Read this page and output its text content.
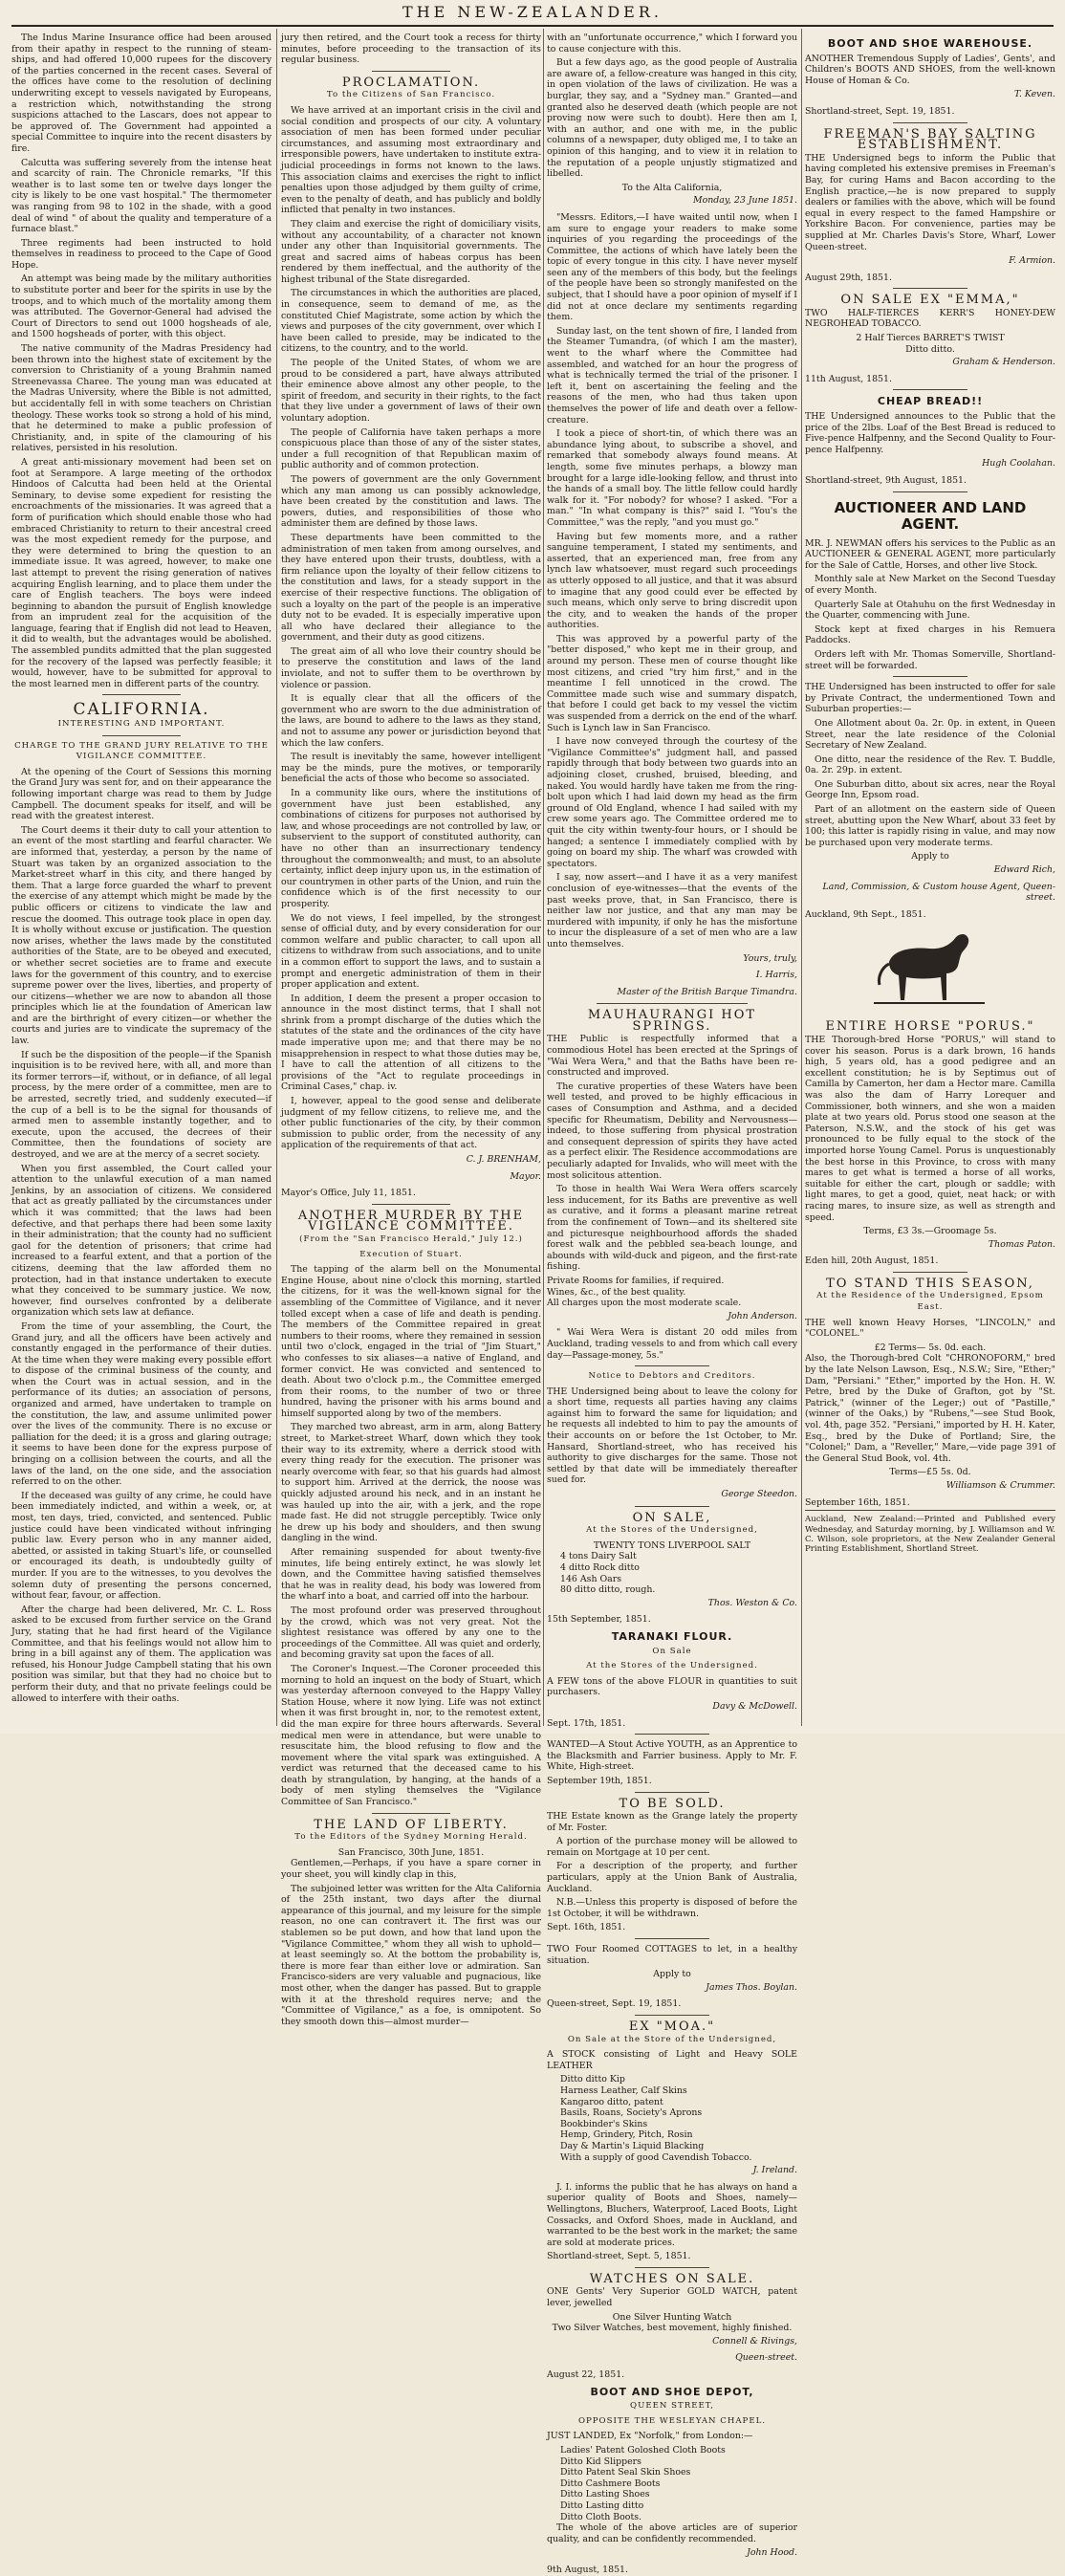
THE NEW-ZEALANDER.

The Indus Marine Insurance office had been aroused from their apathy in respect to the running of steam-ships, and had offered 10,000 rupees for the discovery of the parties concerned in the recent cases. Several of the offices have come to the resolution of declining underwriting except to vessels navigated by Europeans, a restriction which, notwithstanding the strong suspicions attached to the Lascars, does not appear to be approved of. The Government had appointed a special Committee to inquire into the recent disasters by fire.

Calcutta was suffering severely from the intense heat and scarcity of rain. The Chronicle remarks, "If this weather is to last some ten or twelve days longer the city is likely to be one vast hospital." The thermometer was ranging from 98 to 102 in the shade, with a good deal of wind " of about the quality and temperature of a furnace blast."

Three regiments had been instructed to hold themselves in readiness to proceed to the Cape of Good Hope.

An attempt was being made by the military authorities to substitute porter and beer for the spirits in use by the troops, and to which much of the mortality among them was attributed. The Governor-General had advised the Court of Directors to send out 1000 hogsheads of ale, and 1500 hogsheads of porter, with this object.

The native community of the Madras Presidency had been thrown into the highest state of excitement by the conversion to Christianity of a young Brahmin named Streenevassa Charee. The young man was educated at the Madras University, where the Bible is not admitted, but accidentally fell in with some teachers on Christian theology. These works took so strong a hold of his mind, that he determined to make a public profession of Christianity, and, in spite of the clamouring of his relatives, persisted in his resolution.

A great anti-missionary movement had been set on foot at Serampore. A large meeting of the orthodox Hindoos of Calcutta had been held at the Oriental Seminary, to devise some expedient for resisting the encroachments of the missionaries. It was agreed that a form of purification which should enable those who had embraced Christianity to return to their ancestral creed was the most expedient remedy for the purpose, and they were determined to bring the question to an immediate issue. It was agreed, however, to make one last attempt to prevent the rising generation of natives acquiring English learning, and to place them under the care of English teachers. The boys were indeed beginning to abandon the pursuit of English knowledge from an imprudent zeal for the acquisition of the language, fearing that if English did not lead to Heaven, it did to wealth, but the advantages would be abolished. The assembled pundits admitted that the plan suggested for the recovery of the lapsed was perfectly feasible; it would, however, have to be submitted for approval to the most learned men in different parts of the country.

CALIFORNIA.
INTERESTING AND IMPORTANT.
CHARGE TO THE GRAND JURY RELATIVE TO THE VIGILANCE COMMITTEE.

At the opening of the Court of Sessions this morning the Grand Jury was sent for, and on their appearance the following important charge was read to them by Judge Campbell. The document speaks for itself, and will be read with the greatest interest.

The Court deems it their duty to call your attention to an event of the most startling and fearful character. We are informed that, yesterday, a person by the name of Stuart was taken by an organized association to the Market-street wharf in this city, and there hanged by them. That a large force guarded the wharf to prevent the exercise of any attempt which might be made by the public officers or citizens to vindicate the law and rescue the doomed. This outrage took place in open day. It is wholly without excuse or justification. The question now arises, whether the laws made by the constituted authorities of the State, are to be obeyed and executed, or whether secret societies are to frame and execute laws for the government of this country, and to exercise supreme power over the lives, liberties, and property of our citizens—whether we are now to abandon all those principles which lie at the foundation of American law and are the birthright of every citizen—or whether the courts and juries are to vindicate the supremacy of the law.

If such be the disposition of the people—if the Spanish inquisition is to be revived here, with all, and more than its former terrors—if, without, or in defiance, of all legal process, by the mere order of a committee, men are to be arrested, secretly tried, and suddenly executed—if the cup of a bell is to be the signal for thousands of armed men to assemble instantly together, and to execute, upon the accused, the decrees of their Committee, then the foundations of society are destroyed, and we are at the mercy of a secret society.

When you first assembled, the Court called your attention to the unlawful execution of a man named Jenkins, by an association of citizens. We considered that act as greatly palliated by the circumstances under which it was committed; that the laws had been defective, and that perhaps there had been some laxity in their administration; that the county had no sufficient gaol for the detention of prisoners; that crime had increased to a fearful extent, and that a portion of the citizens, deeming that the law afforded them no protection, had in that instance undertaken to execute what they conceived to be summary justice. We now, however, find ourselves confronted by a deliberate organization which sets law at defiance.

From the time of your assembling, the Court, the Grand jury, and all the officers have been actively and constantly engaged in the performance of their duties. At the time when they were making every possible effort to dispose of the criminal business of the county, and when the Court was in actual session, and in the performance of its duties; an association of persons, organized and armed, have undertaken to trample on the constitution, the law, and assume unlimited power over the lives of the community. There is no excuse or palliation for the deed; it is a gross and glaring outrage; it seems to have been done for the express purpose of bringing on a collision between the courts, and all the laws of the land, on the one side, and the association referred to on the other.

If the deceased was guilty of any crime, he could have been immediately indicted, and within a week, or, at most, ten days, tried, convicted, and sentenced. Public justice could have been vindicated without infringing public law. Every person who in any manner aided, abetted, or assisted in taking Stuart's life, or counselled or encouraged its death, is undoubtedly guilty of murder. If you are to the witnesses, to you devolves the solemn duty of presenting the persons concerned, without fear, favour, or affection.

After the charge had been delivered, Mr. C. L. Ross asked to be excused from further service on the Grand Jury, stating that he had first heard of the Vigilance Committee, and that his feelings would not allow him to bring in a bill against any of them. The application was refused, his Honour Judge Campbell stating that his own position was similar, but that they had no choice but to perform their duty, and that no private feelings could be allowed to interfere with their oaths.

jury then retired, and the Court took a recess for thirty minutes, before proceeding to the transaction of its regular business.

PROCLAMATION.
To the Citizens of San Francisco.

We have arrived at an important crisis in the civil and social condition and prospects of our city. A voluntary association of men has been formed under peculiar circumstances, and assuming most extraordinary and irresponsible powers, have undertaken to institute extra-judicial proceedings in forms not known to the laws. This association claims and exercises the right to inflict penalties upon those adjudged by them guilty of crime, even to the penalty of death, and has publicly and boldly inflicted that penalty in two instances.

They claim and exercise the right of domiciliary visits, without any accountability, of a character not known under any other than Inquisitorial governments. The great and sacred aims of habeas corpus has been rendered by them ineffectual, and the authority of the highest tribunal of the State disregarded.

The circumstances in which the authorities are placed, in consequence, seem to demand of me, as the constituted Chief Magistrate, some action by which the views and purposes of the city government, over which I have been called to preside, may be indicated to the citizens, to the country, and to the world.

The people of the United States, of whom we are proud to be considered a part, have always attributed their eminence above almost any other people, to the spirit of freedom, and security in their rights, to the fact that they live under a government of laws of their own voluntary adoption.

The people of California have taken perhaps a more conspicuous place than those of any of the sister states, under a full recognition of that Republican maxim of public authority and of common protection.

The powers of government are the only Government which any man among us can possibly acknowledge, have been created by the constitution and laws. The powers, duties, and responsibilities of those who administer them are defined by those laws.

These departments have been committed to the administration of men taken from among ourselves, and they have entered upon their trusts, doubtless, with a firm reliance upon the loyalty of their fellow citizens to the constitution and laws, for a steady support in the exercise of their respective functions. The obligation of such a loyalty on the part of the people is an imperative duty not to be evaded. It is especially imperative upon all who have declared their allegiance to the government, and their duty as good citizens.

The great aim of all who love their country should be to preserve the constitution and laws of the land inviolate, and not to suffer them to be overthrown by violence or passion.

It is equally clear that all the officers of the government who are sworn to the due administration of the laws, are bound to adhere to the laws as they stand, and not to assume any power or jurisdiction beyond that which the law confers.

The result is inevitably the same, however intelligent may be the minds, pure the motives, or temporarily beneficial the acts of those who become so associated.

In a community like ours, where the institutions of government have just been established, any combinations of citizens for purposes not authorised by law, and whose proceedings are not controlled by law, or subservient to the support of constituted authority, can have no other than an insurrectionary tendency throughout the commonwealth; and must, to an absolute certainty, inflict deep injury upon us, in the estimation of our countrymen in other parts of the Union, and ruin the confidence which is of the first necessity to our prosperity.

We do not views, I feel impelled, by the strongest sense of official duty, and by every consideration for our common welfare and public character, to call upon all citizens to withdraw from such associations, and to unite in a common effort to support the laws, and to sustain a prompt and energetic administration of them in their proper application and extent.

In addition, I deem the present a proper occasion to announce in the most distinct terms, that I shall not shrink from a prompt discharge of the duties which the statutes of the state and the ordinances of the city have made imperative upon me; and that there may be no misapprehension in respect to what those duties may be, I have to call the attention of all citizens to the provisions of the "Act to regulate proceedings in Criminal Cases," chap. iv.

I, however, appeal to the good sense and deliberate judgment of my fellow citizens, to relieve me, and the other public functionaries of the city, by their common submission to public order, from the necessity of any application of the requirements of that act.

C. J. BRENHAM,
Mayor.
Mayor's Office, July 11, 1851.
ANOTHER MURDER BY THE VIGILANCE COMMITTEE.
(From the "San Francisco Herald," July 12.)
Execution of Stuart.

The tapping of the alarm bell on the Monumental Engine House, about nine o'clock this morning, startled the citizens, for it was the well-known signal for the assembling of the Committee of Vigilance, and it never tolled except when a case of life and death is pending. The members of the Committee repaired in great numbers to their rooms, where they remained in session until two o'clock, engaged in the trial of "Jim Stuart," who confesses to six aliases—a native of England, and former convict. He was convicted and sentenced to death. About two o'clock p.m., the Committee emerged from their rooms, to the number of two or three hundred, having the prisoner with his arms bound and himself supported along by two of the members.

They marched two abreast, arm in arm, along Battery street, to Market-street Wharf, down which they took their way to its extremity, where a derrick stood with every thing ready for the execution. The prisoner was nearly overcome with fear, so that his guards had almost to support him. Arrived at the derrick, the noose was quickly adjusted around his neck, and in an instant he was hauled up into the air, with a jerk, and the rope made fast. He did not struggle perceptibly. Twice only he drew up his body and shoulders, and then swung dangling in the wind.

After remaining suspended for about twenty-five minutes, life being entirely extinct, he was slowly let down, and the Committee having satisfied themselves that he was in reality dead, his body was lowered from the wharf into a boat, and carried off into the harbour.

The most profound order was preserved throughout by the crowd, which was not very great. Not the slightest resistance was offered by any one to the proceedings of the Committee. All was quiet and orderly, and becoming gravity sat upon the faces of all.

The Coroner's Inquest.—The Coroner proceeded this morning to hold an inquest on the body of Stuart, which was yesterday afternoon conveyed to the Happy Valley Station House, where it now lying. Life was not extinct when it was first brought in, nor, to the remotest extent, did the man expire for three hours afterwards. Several medical men were in attendance, but were unable to resuscitate him, the blood refusing to flow and the movement where the vital spark was extinguished. A verdict was returned that the deceased came to his death by strangulation, by hanging, at the hands of a body of men styling themselves the "Vigilance Committee of San Francisco."

THE LAND OF LIBERTY.
To the Editors of the Sydney Morning Herald.
San Francisco, 30th June, 1851.

Gentlemen,—Perhaps, if you have a spare corner in your sheet, you will kindly clap in this,

The subjoined letter was written for the Alta California of the 25th instant, two days after the diurnal appearance of this journal, and my leisure for the simple reason, no one can contravert it. The first was our stablemen so be put down, and how that land upon the "Vigilance Committee," whom they all wish to uphold—at least seemingly so. At the bottom the probability is, there is more fear than either love or admiration. San Francisco-siders are very valuable and pugnacious, like most other, when the danger has passed. But to grapple with it at the threshold requires nerve; and the "Committee of Vigilance," as a foe, is omnipotent. So they smooth down this—almost murder—

with an "unfortunate occurrence," which I forward you to cause conjecture with this.

But a few days ago, as the good people of Australia are aware of, a fellow-creature was hanged in this city, in open violation of the laws of civilization. He was a burglar, they say, and a "Sydney man." Granted—and granted also he deserved death (which people are not proving now were such to doubt). Here then am I, with an author, and one with me, in the public columns of a newspaper, duty obliged me, I to take an opinion of this hanging, and to view it in relation to the reputation of a people unjustly stigmatized and libelled.

To the Alta California,
Monday, 23 June 1851.

"Messrs. Editors,—I have waited until now, when I am sure to engage your readers to make some inquiries of you regarding the proceedings of the Committee, the actions of which have lately been the topic of every tongue in this city. I have never myself seen any of the members of this body, but the feelings of the people have been so strongly manifested on the subject, that I should have a poor opinion of myself if I did not at once declare my sentiments regarding them.

Sunday last, on the tent shown of fire, I landed from the Steamer Tumandra, (of which I am the master), went to the wharf where the Committee had assembled, and watched for an hour the progress of what is technically termed the trial of the prisoner. I left it, bent on ascertaining the feeling and the reasons of the men, who had thus taken upon themselves the power of life and death over a fellow-creature.

I took a piece of short-tin, of which there was an abundance lying about, to subscribe a shovel, and remarked that somebody always found means. At length, some five minutes perhaps, a blowzy man brought for a large idle-looking fellow, and thrust into the hands of a small boy. The little fellow could hardly walk for it. "For nobody? for whose? I asked. "For a man." "In what company is this?" said I. "You's the Committee," was the reply, "and you must go."

Having but few moments more, and a rather sanguine temperament, I stated my sentiments, and asserted, that an experienced man, free from any lynch law whatsoever, must regard such proceedings as utterly opposed to all justice, and that it was absurd to imagine that any good could ever be effected by such means, which only serve to bring discredit upon the city, and to weaken the hands of the proper authorities.

This was approved by a powerful party of the "better disposed," who kept me in their group, and around my person. These men of course thought like most citizens, and cried "try him first," and in the meantime I fell unnoticed in the crowd. The Committee made such wise and summary dispatch, that before I could get back to my vessel the victim was suspended from a derrick on the end of the wharf. Such is Lynch law in San Francisco.

I have now conveyed through the courtesy of the "Vigilance Committee's" judgment hall, and passed rapidly through that body between two guards into an adjoining closet, crushed, bruised, bleeding, and naked. You would hardly have taken me from the ring-bolt upon which I had laid down my head as the firm ground of Old England, whence I had sailed with my crew some years ago. The Committee ordered me to quit the city within twenty-four hours, or I should be hanged; a sentence I immediately complied with by going on board my ship. The wharf was crowded with spectators.

I say, now assert—and I have it as a very manifest conclusion of eye-witnesses—that the events of the past weeks prove, that, in San Francisco, there is neither law nor justice, and that any man may be murdered with impunity, if only he has the misfortune to incur the displeasure of a set of men who are a law unto themselves.

Yours, truly,
I. Harris,
Master of the British Barque Timandra.
MAUHAURANGI HOT SPRINGS.

THE Public is respectfully informed that a commodious Hotel has been erected at the Springs of "Wai Wera Wera," and that the Baths have been re-constructed and improved.

The curative properties of these Waters have been well tested, and proved to be highly efficacious in cases of Consumption and Asthma, and a decided specific for Rheumatism, Debility and Nervousness—indeed, to those suffering from physical prostration and consequent depression of spirits they have acted as a perfect elixir. The Residence accommodations are peculiarly adapted for Invalids, who will meet with the most solicitous attention.

To those in health Wai Wera Wera offers scarcely less inducement, for its Baths are preventive as well as curative, and it forms a pleasant marine retreat from the confinement of Town—and its sheltered site and picturesque neighbourhood affords the shaded forest walk and the pebbled sea-beach lounge, and abounds with wild-duck and pigeon, and the first-rate fishing.

Private Rooms for families, if required.
Wines, &c., of the best quality.
All charges upon the most moderate scale.
John Anderson.

" Wai Wera Wera is distant 20 odd miles from Auckland, trading vessels to and from which call every day—Passage-money, 5s."

Notice to Debtors and Creditors.

THE Undersigned being about to leave the colony for a short time, requests all parties having any claims against him to forward the same for liquidation; and he requests all indebted to him to pay the amounts of their accounts on or before the 1st October, to Mr. Hansard, Shortland-street, who has received his authority to give discharges for the same. Those not settled by that date will be immediately thereafter sued for.

George Steedon.
ON SALE,
At the Stores of the Undersigned,
TWENTY TONS LIVERPOOL SALT
4 tons Dairy Salt
4 ditto Rock ditto
146 Ash Oars
80 ditto ditto, rough.
Thos. Weston & Co.
15th September, 1851.
TARANAKI FLOUR.
On Sale
At the Stores of the Undersigned.

A FEW tons of the above FLOUR in quantities to suit purchasers.

Davy & McDowell.
Sept. 17th, 1851.

WANTED—A Stout Active YOUTH, as an Apprentice to the Blacksmith and Farrier business. Apply to Mr. F. White, High-street.

September 19th, 1851.
TO BE SOLD.

THE Estate known as the Grange lately the property of Mr. Foster.

A portion of the purchase money will be allowed to remain on Mortgage at 10 per cent.

For a description of the property, and further particulars, apply at the Union Bank of Australia, Auckland.

N.B.—Unless this property is disposed of before the 1st October, it will be withdrawn.

Sept. 16th, 1851.

TWO Four Roomed COTTAGES to let, in a healthy situation.

Apply to
James Thos. Boylan.
Queen-street, Sept. 19, 1851.
EX "MOA."
On Sale at the Store of the Undersigned,

A STOCK consisting of Light and Heavy SOLE LEATHER

Ditto ditto Kip
Harness Leather, Calf Skins
Kangaroo ditto, patent
Basils, Roans, Society's Aprons
Bookbinder's Skins
Hemp, Grindery, Pitch, Rosin
Day & Martin's Liquid Blacking
With a supply of good Cavendish Tobacco.
J. Ireland.

J. I. informs the public that he has always on hand a superior quality of Boots and Shoes, namely—Wellingtons, Bluchers, Waterproof, Laced Boots, Light Cossacks, and Oxford Shoes, made in Auckland, and warranted to be the best work in the market; the same are sold at moderate prices.

Shortland-street, Sept. 5, 1851.
WATCHES ON SALE.

ONE Gents' Very Superior GOLD WATCH, patent lever, jewelled

One Silver Hunting Watch
Two Silver Watches, best movement, highly finished.
Connell & Rivings,
Queen-street.
August 22, 1851.
BOOT AND SHOE DEPOT,
QUEEN STREET,
OPPOSITE THE WESLEYAN CHAPEL.

JUST LANDED, Ex "Norfolk," from London:—

Ladies' Patent Goloshed Cloth Boots
Ditto Kid Slippers
Ditto Patent Seal Skin Shoes
Ditto Cashmere Boots
Ditto Lasting Shoes
Ditto Lasting ditto
Ditto Cloth Boots.

The whole of the above articles are of superior quality, and can be confidently recommended.

John Hood.
9th August, 1851.
BOOT AND SHOE WAREHOUSE.

ANOTHER Tremendous Supply of Ladies', Gents', and Children's BOOTS AND SHOES, from the well-known House of Homan & Co.

T. Keven.
Shortland-street, Sept. 19, 1851.
FREEMAN'S BAY SALTING ESTABLISHMENT.

THE Undersigned begs to inform the Public that having completed his extensive premises in Freeman's Bay, for curing Hams and Bacon according to the English practice,—he is now prepared to supply dealers or families with the above, which will be found equal in every respect to the famed Hampshire or Yorkshire Bacon. For convenience, parties may be supplied at Mr. Charles Davis's Store, Wharf, Lower Queen-street.

F. Armion.
August 29th, 1851.
ON SALE EX "EMMA,"

TWO HALF-TIERCES KERR'S HONEY-DEW NEGROHEAD TOBACCO.

2 Half Tierces BARRET'S TWIST
Ditto ditto.
Graham & Henderson.
11th August, 1851.
CHEAP BREAD!!

THE Undersigned announces to the Public that the price of the 2lbs. Loaf of the Best Bread is reduced to Five-pence Halfpenny, and the Second Quality to Four-pence Halfpenny.

Hugh Coolahan.
Shortland-street, 9th August, 1851.
AUCTIONEER AND LAND AGENT.

MR. J. NEWMAN offers his services to the Public as an AUCTIONEER & GENERAL AGENT, more particularly for the Sale of Cattle, Horses, and other live Stock.

Monthly sale at New Market on the Second Tuesday of every Month.

Quarterly Sale at Otahuhu on the first Wednesday in the Quarter, commencing with June.

Stock kept at fixed charges in his Remuera Paddocks.

Orders left with Mr. Thomas Somerville, Shortland-street will be forwarded.

THE Undersigned has been instructed to offer for sale by Private Contract, the undermentioned Town and Suburban properties:—

One Allotment about 0a. 2r. 0p. in extent, in Queen Street, near the late residence of the Colonial Secretary of New Zealand.

One ditto, near the residence of the Rev. T. Buddle, 0a. 2r. 29p. in extent.

One Suburban ditto, about six acres, near the Royal George Inn, Epsom road.

Part of an allotment on the eastern side of Queen street, abutting upon the New Wharf, about 33 feet by 100; this latter is rapidly rising in value, and may now be purchased upon very moderate terms.

Apply to
Edward Rich,
Land, Commission, & Custom house Agent, Queen-street.
Auckland, 9th Sept., 1851.
ENTIRE HORSE "PORUS."

THE Thorough-bred Horse "PORUS," will stand to cover his season. Porus is a dark brown, 16 hands high, 5 years old, has a good pedigree and an excellent constitution; he is by Septimus out of Camilla by Camerton, her dam a Hector mare. Camilla was also the dam of Harry Lorequer and Commissioner, both winners, and she won a maiden plate at two years old. Porus stood one season at the Paterson, N.S.W., and the stock of his get was pronounced to be fully equal to the stock of the imported horse Young Camel. Porus is unquestionably the best horse in this Province, to cross with many mares to get what is termed a horse of all works, suitable for either the cart, plough or saddle; with light mares, to get a good, quiet, neat hack; or with racing mares, to insure size, as well as strength and speed.

Terms, £3 3s.—Groomage 5s.
Thomas Paton.
Eden hill, 20th August, 1851.
TO STAND THIS SEASON,
At the Residence of the Undersigned, Epsom East.

THE well known Heavy Horses, "LINCOLN," and "COLONEL."

£2 Terms— 5s. 0d. each.

Also, the Thorough-bred Colt "CHRONOFORM," bred by the late Nelson Lawson, Esq., N.S.W.; Sire, "Ether;" Dam, "Persiani." "Ether," imported by the Hon. H. W. Petre, bred by the Duke of Grafton, got by "St. Patrick," (winner of the Leger;) out of "Pastille," (winner of the Oaks,) by "Rubens,"—see Stud Book, vol. 4th, page 352. "Persiani," imported by H. H. Kater, Esq., bred by the Duke of Portland; Sire, the "Colonel;" Dam, a "Reveller," Mare,—vide page 391 of the General Stud Book, vol. 4th.

Terms—£5 5s. 0d.
Williamson & Crummer.
September 16th, 1851.
Auckland, New Zealand:—Printed and Published every Wednesday, and Saturday morning, by J. Williamson and W. C. Wilson, sole proprietors, at the New Zealander General Printing Establishment, Shortland Street.
